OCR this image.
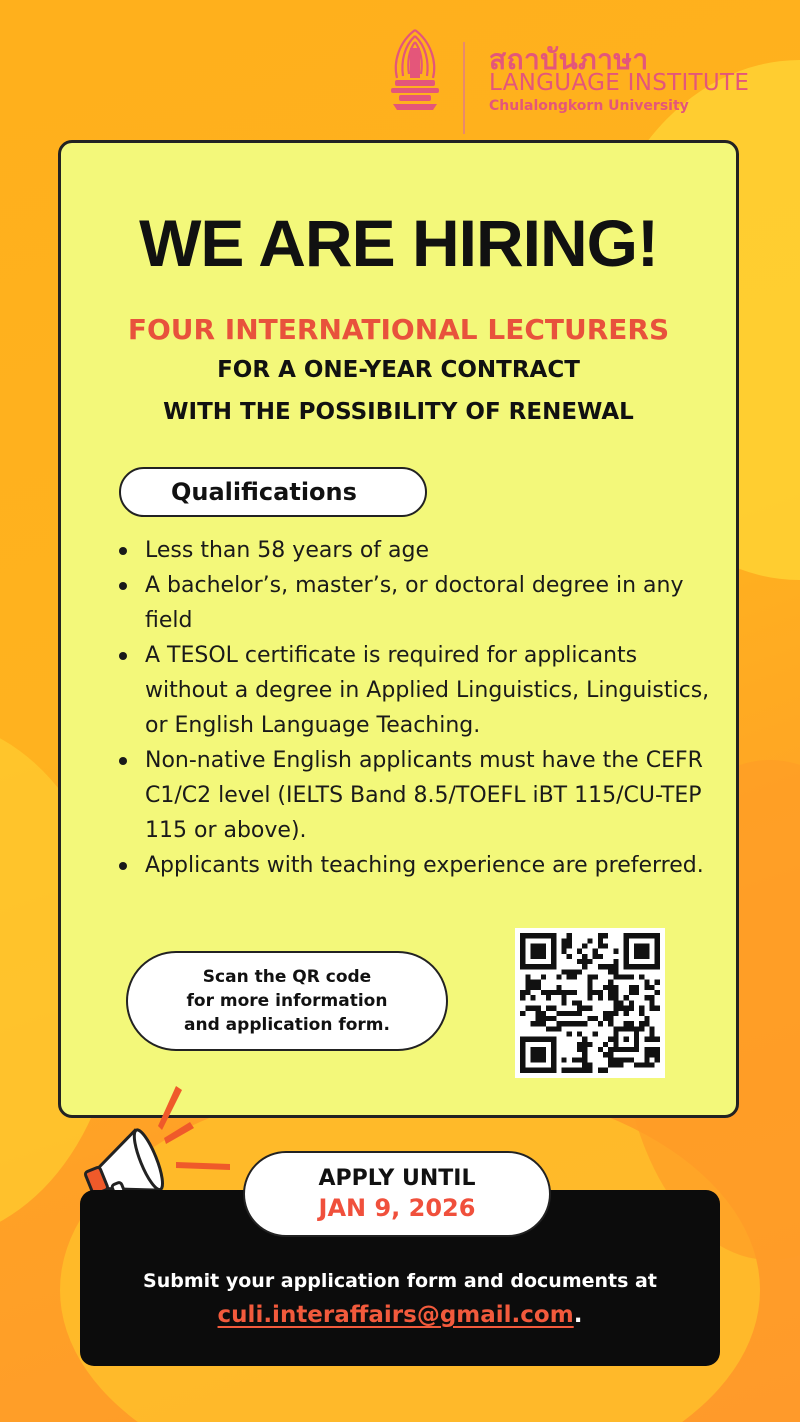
สถาบันภาษา
LANGUAGE INSTITUTE
Chulalongkorn University
WE ARE HIRING!
FOUR INTERNATIONAL LECTURERS
FOR A ONE-YEAR CONTRACT
WITH THE POSSIBILITY OF RENEWAL
Qualifications
Less than 58 years of age
A bachelor’s, master’s, or doctoral degree in any field
A TESOL certificate is required for applicants without a degree in Applied Linguistics, Linguistics, or English Language Teaching.
Non-native English applicants must have the CEFR C1/C2 level (IELTS Band 8.5/TOEFL iBT 115/CU-TEP 115 or above).
Applicants with teaching experience are preferred.
Scan the QR code
for more information
and application form.
Submit your application form and documents at
culi.interaffairs@gmail.com.
APPLY UNTIL
JAN 9, 2026
